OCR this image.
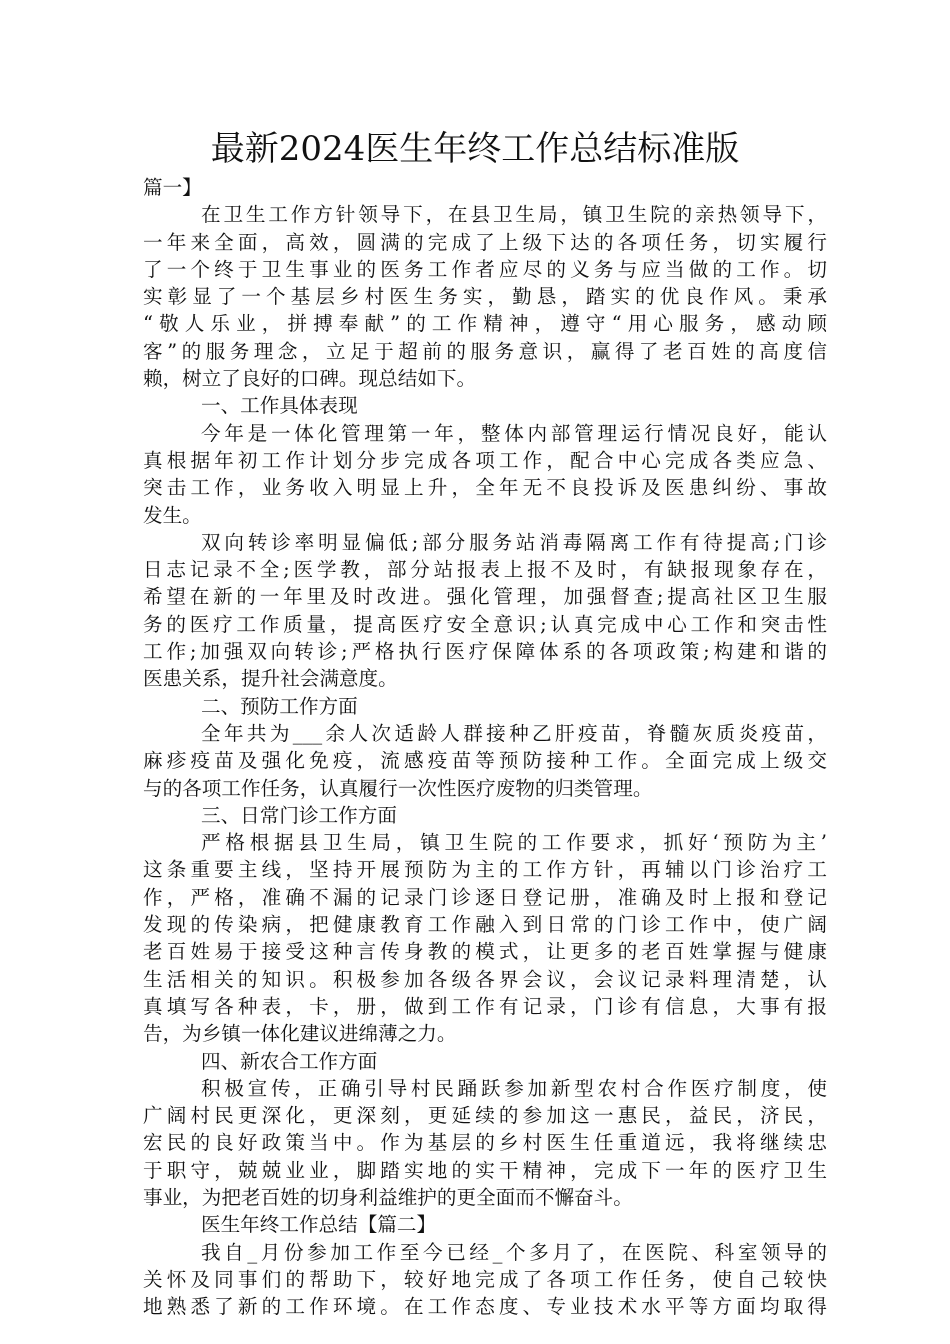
最新2024医生年终工作总结标准版
篇一】
在卫生工作方针领导下，在县卫生局，镇卫生院的亲热领导下，
一年来全面，高效，圆满的完成了上级下达的各项任务，切实履行
了一个终于卫生事业的医务工作者应尽的义务与应当做的工作。切
实彰显了一个基层乡村医生务实，勤恳，踏实的优良作风。秉承
“敬人乐业，拼搏奉献”的工作精神，遵守“用心服务，感动顾
客”的服务理念，立足于超前的服务意识，赢得了老百姓的高度信
赖，树立了良好的口碑。现总结如下。
一、工作具体表现
今年是一体化管理第一年，整体内部管理运行情况良好，能认
真根据年初工作计划分步完成各项工作，配合中心完成各类应急、
突击工作，业务收入明显上升，全年无不良投诉及医患纠纷、事故
发生。
双向转诊率明显偏低;部分服务站消毒隔离工作有待提高;门诊
日志记录不全;医学教，部分站报表上报不及时，有缺报现象存在，
希望在新的一年里及时改进。强化管理，加强督查;提高社区卫生服
务的医疗工作质量，提高医疗安全意识;认真完成中心工作和突击性
工作;加强双向转诊;严格执行医疗保障体系的各项政策;构建和谐的
医患关系，提升社会满意度。
二、预防工作方面
全年共为___余人次适龄人群接种乙肝疫苗，脊髓灰质炎疫苗，
麻疹疫苗及强化免疫，流感疫苗等预防接种工作。全面完成上级交
与的各项工作任务，认真履行一次性医疗废物的归类管理。
三、日常门诊工作方面
严格根据县卫生局，镇卫生院的工作要求，抓好‘预防为主’
这条重要主线，坚持开展预防为主的工作方针，再辅以门诊治疗工
作，严格，准确不漏的记录门诊逐日登记册，准确及时上报和登记
发现的传染病，把健康教育工作融入到日常的门诊工作中，使广阔
老百姓易于接受这种言传身教的模式，让更多的老百姓掌握与健康
生活相关的知识。积极参加各级各界会议，会议记录料理清楚，认
真填写各种表，卡，册，做到工作有记录，门诊有信息，大事有报
告，为乡镇一体化建议进绵薄之力。
四、新农合工作方面
积极宣传，正确引导村民踊跃参加新型农村合作医疗制度，使
广阔村民更深化，更深刻，更延续的参加这一惠民，益民，济民，
宏民的良好政策当中。作为基层的乡村医生任重道远，我将继续忠
于职守，兢兢业业，脚踏实地的实干精神，完成下一年的医疗卫生
事业，为把老百姓的切身利益维护的更全面而不懈奋斗。
医生年终工作总结【篇二】
我自_月份参加工作至今已经_个多月了，在医院、科室领导的
关怀及同事们的帮助下，较好地完成了各项工作任务，使自己较快
地熟悉了新的工作环境。在工作态度、专业技术水平等方面均取得
